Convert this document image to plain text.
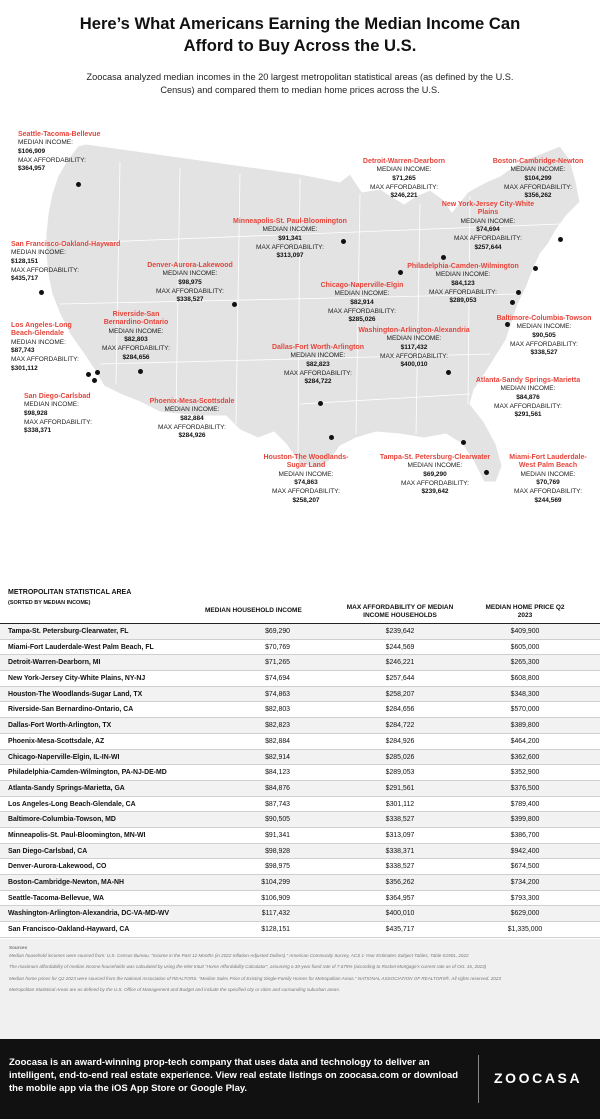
Here’s What Americans Earning the Median Income Can Afford to Buy Across the U.S.
Zoocasa analyzed median incomes in the 20 largest metropolitan statistical areas (as defined by the U.S. Census) and compared them to median home prices across the U.S.
Seattle-Tacoma-Bellevue
MEDIAN INCOME:
$106,909
MAX AFFORDABILITY:
$364,957
San Francisco-Oakland-Hayward
MEDIAN INCOME:
$128,151
MAX AFFORDABILITY:
$435,717
Los Angeles-Long Beach-Glendale
MEDIAN INCOME:
$87,743
MAX AFFORDABILITY:
$301,112
San Diego-Carlsbad
MEDIAN INCOME:
$98,928
MAX AFFORDABILITY:
$338,371
Riverside-San Bernardino-Ontario
MEDIAN INCOME:
$82,803
MAX AFFORDABILITY:
$284,656
Phoenix-Mesa-Scottsdale
MEDIAN INCOME:
$82,884
MAX AFFORDABILITY:
$284,926
Denver-Aurora-Lakewood
MEDIAN INCOME:
$98,975
MAX AFFORDABILITY:
$338,527
Minneapolis-St. Paul-Bloomington
MEDIAN INCOME:
$91,341
MAX AFFORDABILITY:
$313,097
Dallas-Fort Worth-Arlington
MEDIAN INCOME:
$82,823
MAX AFFORDABILITY:
$284,722
Houston-The Woodlands-Sugar Land
MEDIAN INCOME:
$74,863
MAX AFFORDABILITY:
$258,207
Chicago-Naperville-Elgin
MEDIAN INCOME:
$82,914
MAX AFFORDABILITY:
$285,026
Detroit-Warren-Dearborn
MEDIAN INCOME:
$71,265
MAX AFFORDABILITY:
$246,221
Boston-Cambridge-Newton
MEDIAN INCOME:
$104,299
MAX AFFORDABILITY:
$356,262
New York-Jersey City-White Plains
MEDIAN INCOME:
$74,694
MAX AFFORDABILITY:
$257,644
Philadelphia-Camden-Wilmington
MEDIAN INCOME:
$84,123
MAX AFFORDABILITY:
$289,053
Baltimore-Columbia-Towson
MEDIAN INCOME:
$90,505
MAX AFFORDABILITY:
$338,527
Washington-Arlington-Alexandria
MEDIAN INCOME:
$117,432
MAX AFFORDABILITY:
$400,010
Atlanta-Sandy Springs-Marietta
MEDIAN INCOME:
$84,876
MAX AFFORDABILITY:
$291,561
Tampa-St. Petersburg-Clearwater
MEDIAN INCOME:
$69,290
MAX AFFORDABILITY:
$239,642
Miami-Fort Lauderdale-West Palm Beach
MEDIAN INCOME:
$70,769
MAX AFFORDABILITY:
$244,569
METROPOLITAN STATISTICAL AREA
(SORTED BY MEDIAN INCOME)
MEDIAN HOUSEHOLD INCOME	MAX AFFORDABILITY OF MEDIAN INCOME HOUSEHOLDS
MEDIAN HOME PRICE Q2 2023
Tampa-St. Petersburg-Clearwater, FL	$69,290	$239,642	$409,900
Miami-Fort Lauderdale-West Palm Beach, FL	$70,769	$244,569	$605,000
Detroit-Warren-Dearborn, MI	$71,265	$246,221	$265,300
New York-Jersey City-White Plains, NY-NJ	$74,694	$257,644	$608,800
Houston-The Woodlands-Sugar Land, TX	$74,863	$258,207	$348,300
Riverside-San Bernardino-Ontario, CA	$82,803	$284,656	$570,000
Dallas-Fort Worth-Arlington, TX	$82,823	$284,722	$389,800
Phoenix-Mesa-Scottsdale, AZ	$82,884	$284,926	$464,200
Chicago-Naperville-Elgin, IL-IN-WI	$82,914	$285,026	$362,600
Philadelphia-Camden-Wilmington, PA-NJ-DE-MD	$84,123	$289,053	$352,900
Atlanta-Sandy Springs-Marietta, GA	$84,876	$291,561	$376,500
Los Angeles-Long Beach-Glendale, CA	$87,743	$301,112	$789,400
Baltimore-Columbia-Towson, MD	$90,505	$338,527	$399,800
Minneapolis-St. Paul-Bloomington, MN-WI	$91,341	$313,097	$386,700
San Diego-Carlsbad, CA	$98,928	$338,371	$942,400
Denver-Aurora-Lakewood, CO	$98,975	$338,527	$674,500
Boston-Cambridge-Newton, MA-NH	$104,299	$356,262	$734,200
Seattle-Tacoma-Bellevue, WA	$106,909	$364,957	$793,300
Washington-Arlington-Alexandria, DC-VA-MD-WV	$117,432	$400,010	$629,000
San Francisco-Oakland-Hayward, CA	$128,151	$435,717	$1,335,000

Sources

Median household incomes were sourced from: U.S. Census Bureau. “Income in the Past 12 Months (in 2022 Inflation-Adjusted Dollars).” American Community Survey, ACS 1-Year Estimates Subject Tables, Table S1901, 2022

The maximum affordability of median income households was calculated by using the Mint Intuit “Home Affordability Calculator”, assuming a 30-year fixed rate of 7.675% (according to Rocket Mortgage’s current rate as of Oct. 16, 2023)

Median home prices for Q2 2023 were sourced from the National Association of REALTORS. “Median Sales Price of Existing Single-Family Homes for Metropolitan Areas.” NATIONAL ASSOCIATION OF REALTORS®. All rights reserved. 2023

Metropolitan Statistical Areas are as defined by the U.S. Office of Management and Budget and include the specified city or cities and surrounding suburban areas.

Zoocasa is an award-winning prop-tech company that uses data and technology to deliver an intelligent, end-to-end real estate experience. View real estate listings on zoocasa.com or download the mobile app via the iOS App Store or Google Play.
ZOOCASA
